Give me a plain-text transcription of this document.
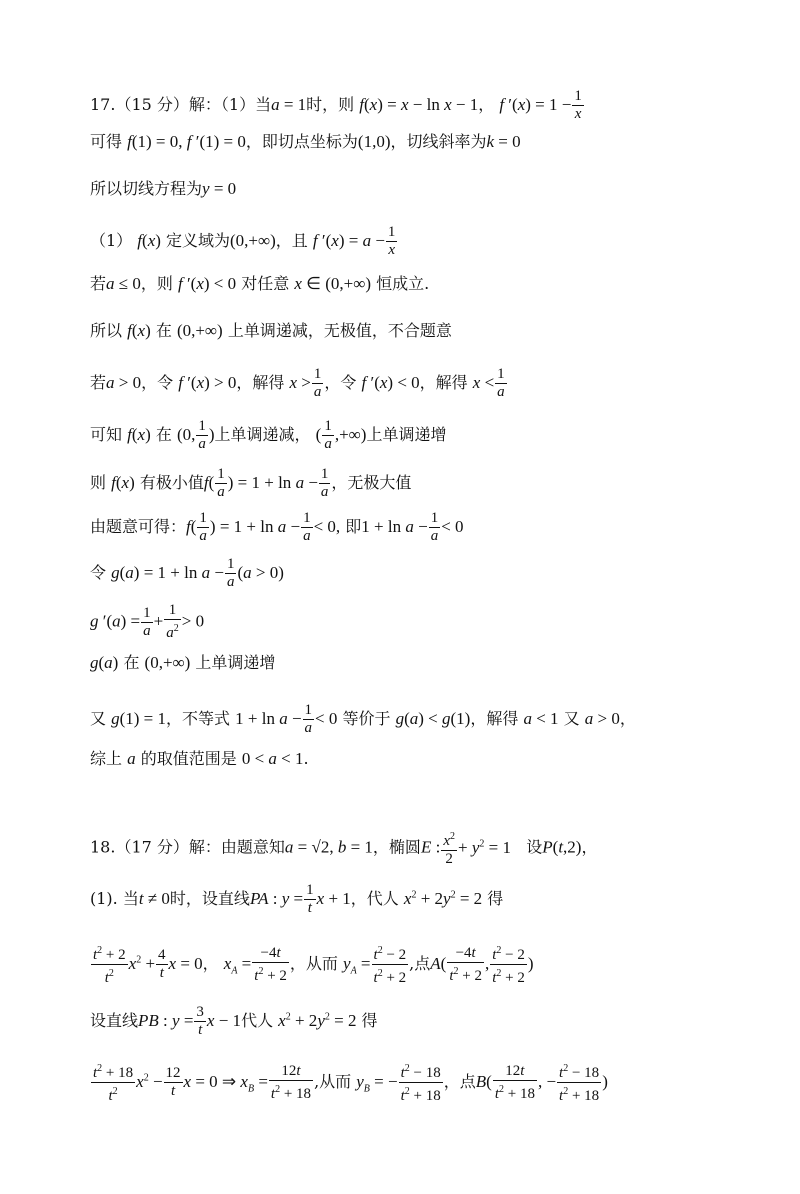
17.（15 分）解：（1）当a = 1时，则 f(x) = x − ln x − 1， f $'(x) = 1 - \frac{1}{x}$
可得 f(1) = 0, f ′(1) = 0，即切点坐标为(1,0)，切线斜率为k = 0
所以切线方程为y = 0
（1） f(x) 定义域为(0,+∞)，且 f $'(x) = a - \frac{1}{x}$
若a ≤ 0，则 f ′(x) < 0 对任意 x ∈ (0,+∞) 恒成立.
所以 f(x) 在 (0,+∞) 上单调递减，无极值，不合题意
若a > 0，令 f ′(x) > 0，解得 $x > \frac{1}{a}$ ，令 f ′(x) < 0，解得 $x < \frac{1}{a}$
可知 f(x) 在 (0, $\frac{1}{a}$ )上单调递减， ( $\frac{1}{a}$ ,+∞)上单调递增
则 f(x) 有极小值$f( \frac{1}{a}$ ) = $1 + \ln a - \frac{1}{a}$ ，无极大值
由题意可得：$f( \frac{1}{a}$ ) = $1 + \ln a - \frac{1}{a} < 0$, 即$1 + \ln a - \frac{1}{a} < 0$
令 $g(a) = 1 + \ln a - \frac{1}{a} (a > 0)$
g $'(a) = \frac{1}{a} + \frac{1}{a^2} > 0$
g(a) 在 (0,+∞) 上单调递增
又 g(1) = 1，不等式 $1 + \ln a - \frac{1}{a} < 0$ 等价于 g(a) < g(1)，解得 a < 1 又 a > 0，
综上 a 的取值范围是 0 < a < 1.
18.（17 分）解：由题意知a = √2, b = 1，椭圆E : $\frac{x^2}{2} + y^2 = 1$ 设P(t,2)，
(1). 当t ≠ 0时，设直线PA : $y = \frac{1}{t}$ x + 1，代人 $x^2 + 2y^2 = 2$ 得
$\frac{t^2 + 2}{t^2} x^2 + \frac{4}{t}$ x = 0， $x_A = \frac{-4t}{t^2 + 2}$ ，从而 $y_A = \frac{t^2 - 2}{t^2 + 2}$ ,点$A( \frac{-4t}{t^2 + 2}$ , $\frac{t^2 - 2}{t^2 + 2}$ )
设直线PB : $y = \frac{3}{t}$ x − 1代人 $x^2 + 2y^2 = 2$ 得
$\frac{t^2 + 18}{t^2} x^2 - \frac{12}{t}$ x = 0 ⇒ $x_B = \frac{12t}{t^2 + 18}$ ,从而 $y_B$ = − $\frac{t^2 - 18}{t^2 + 18}$ ，点$B( \frac{12t}{t^2 + 18}$ , − $\frac{t^2 - 18}{t^2 + 18}$ )
